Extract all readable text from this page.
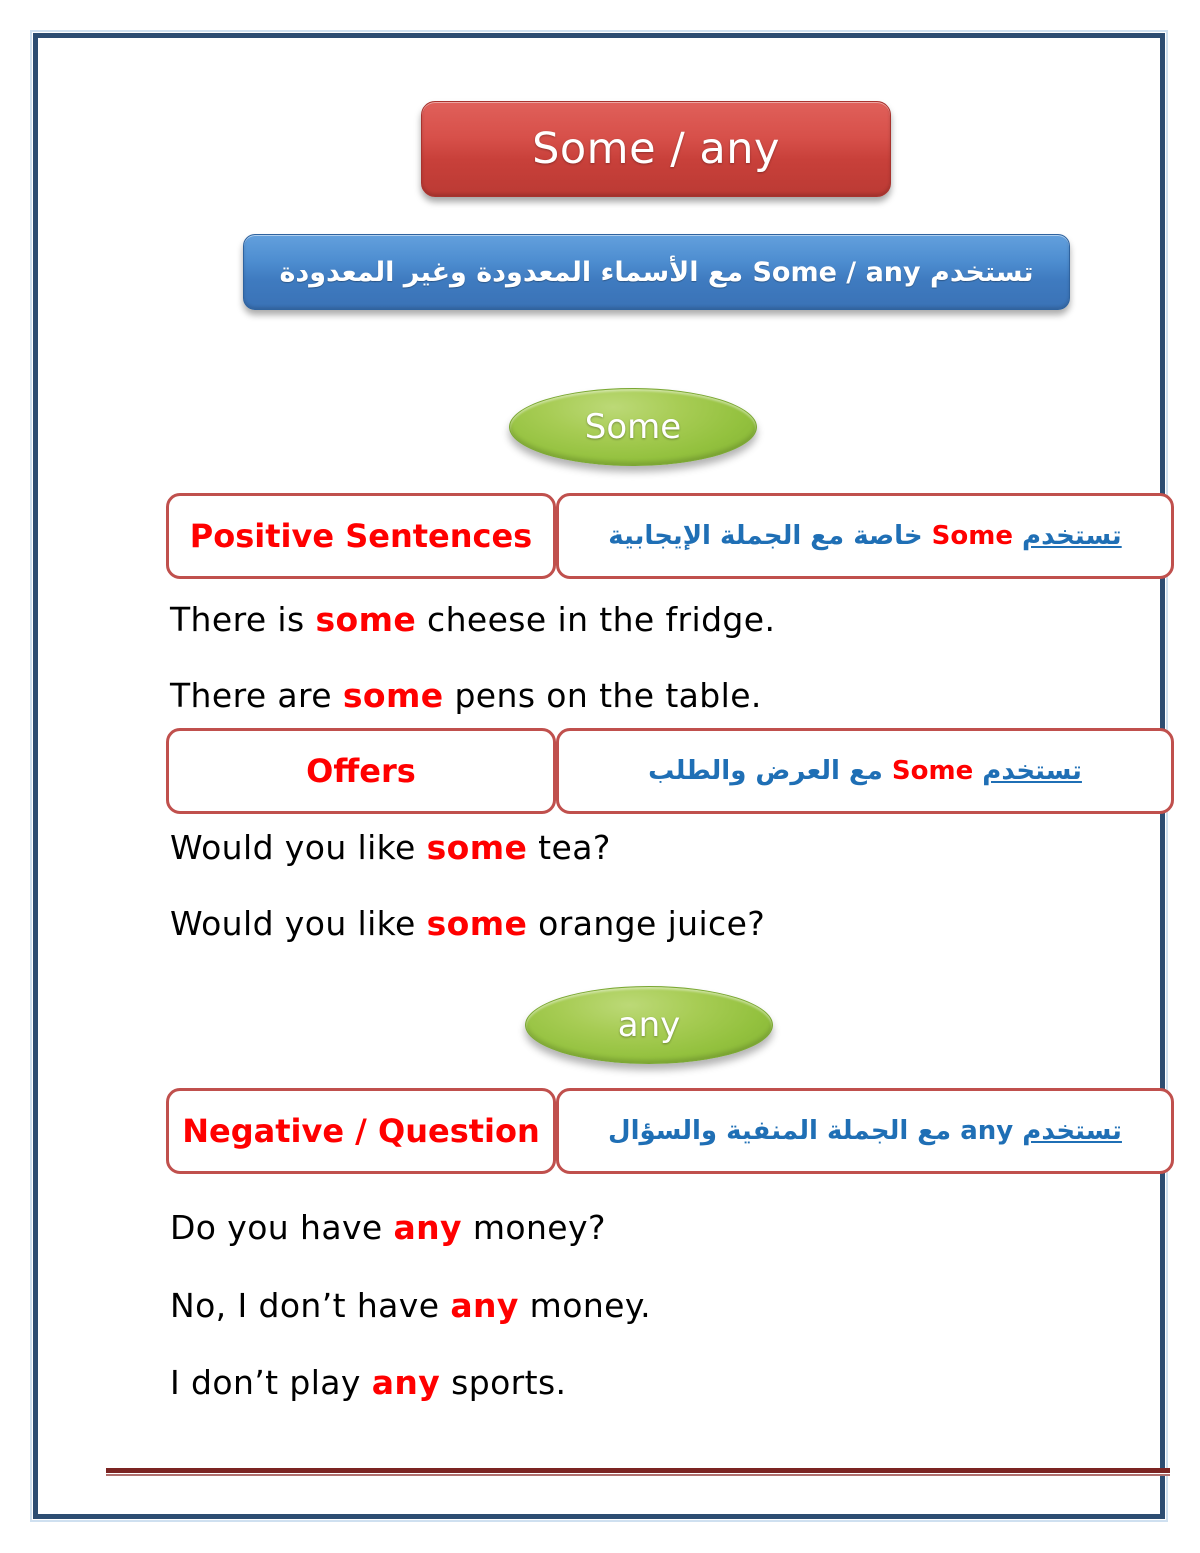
Some / any
تستخدم Some / any مع الأسماء المعدودة وغير المعدودة
Some
Positive Sentences	تستخدم Some خاصة مع الجملة الإيجابية
There is some cheese in the fridge.
There are some pens on the table.
Offers	تستخدم Some مع العرض والطلب
Would you like some tea?
Would you like some orange juice?
any
Negative / Question	تستخدم any مع الجملة المنفية والسؤال
Do you have any money?
No, I don’t have any money.
I don’t play any sports.
